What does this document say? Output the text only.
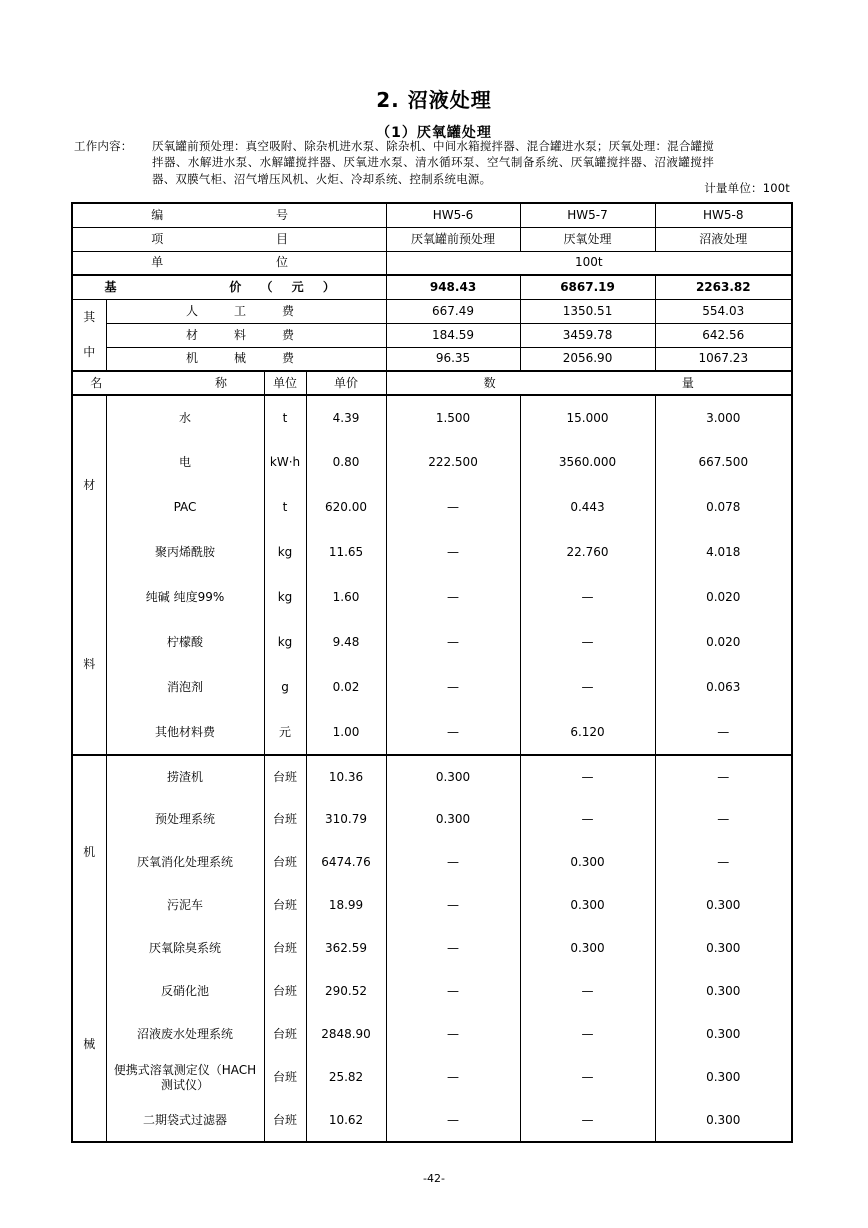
2. 沼液处理
（1）厌氧罐处理
工作内容：	厌氧罐前预处理：真空吸附、除杂机进水泵、除杂机、中间水箱搅拌器、混合罐进水泵；厌氧处理：混合罐搅拌器、水解进水泵、水解罐搅拌器、厌氧进水泵、清水循环泵、空气制备系统、厌氧罐搅拌器、沼液罐搅拌器、双膜气柜、沼气增压风机、火炬、冷却系统、控制系统电源。
计量单位：100t
编　　　号				HW5-6	HW5-7	HW5-8
项　　　目				厌氧罐前预处理	厌氧处理	沼液处理
单　　　位				100t		
基　　　价（元）				948.43	6867.19	2263.82

其
中	人　工　费			667.49	1350.51	554.03
	材　料　费			184.59	3459.78	642.56
	机　械　费			96.35	2056.90	1067.23
名　　　称		单位	单价	数 量		

材
料	水	t	4.39	1.500	15.000	3.000
	电	kW·h	0.80	222.500	3560.000	667.500
	PAC	t	620.00	—	0.443	0.078
	聚丙烯酰胺	kg	11.65	—	22.760	4.018
	纯碱 纯度99%	kg	1.60	—	—	0.020
	柠檬酸	kg	9.48	—	—	0.020
	消泡剂	g	0.02	—	—	0.063
	其他材料费	元	1.00	—	6.120	—

机
械	捞渣机	台班	10.36	0.300	—	—
	预处理系统	台班	310.79	0.300	—	—
	厌氧消化处理系统	台班	6474.76	—	0.300	—
	污泥车	台班	18.99	—	0.300	0.300
	厌氧除臭系统	台班	362.59	—	0.300	0.300
	反硝化池	台班	290.52	—	—	0.300
	沼液废水处理系统	台班	2848.90	—	—	0.300
	便携式溶氧测定仪（HACH测试仪）	台班	25.82	—	—	0.300
	二期袋式过滤器	台班	10.62	—	—	0.300
-42-
